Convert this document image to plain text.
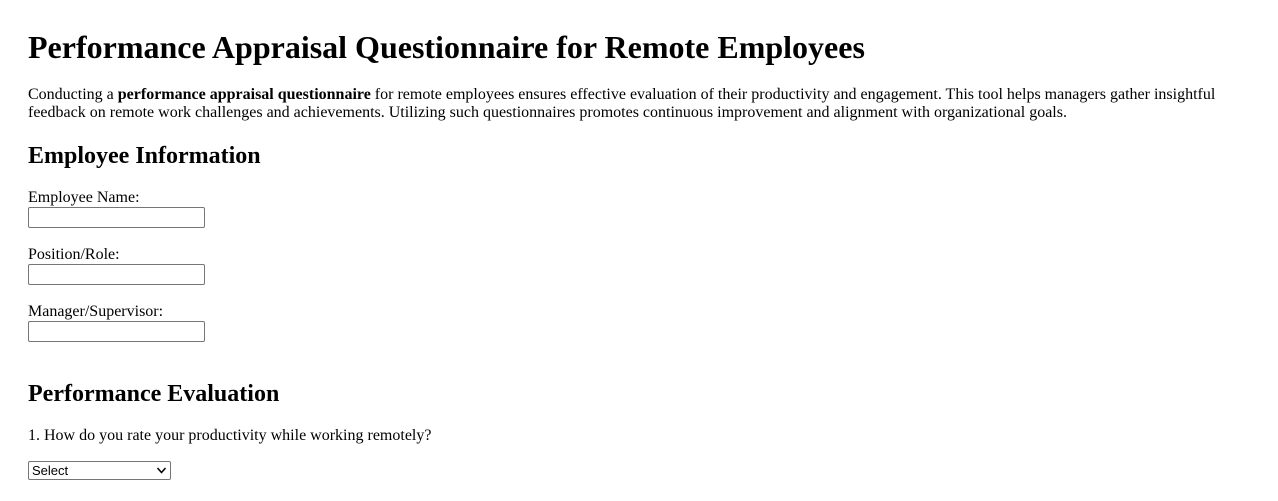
Performance Appraisal Questionnaire for Remote Employees

Conducting a performance appraisal questionnaire for remote employees ensures effective evaluation of their productivity and engagement. This tool helps managers gather insightful feedback on remote work challenges and achievements. Utilizing such questionnaires promotes continuous improvement and alignment with organizational goals.

Employee Information
Employee Name:
Position/Role:
Manager/Supervisor:
Performance Evaluation
1. How do you rate your productivity while working remotely?
Select
